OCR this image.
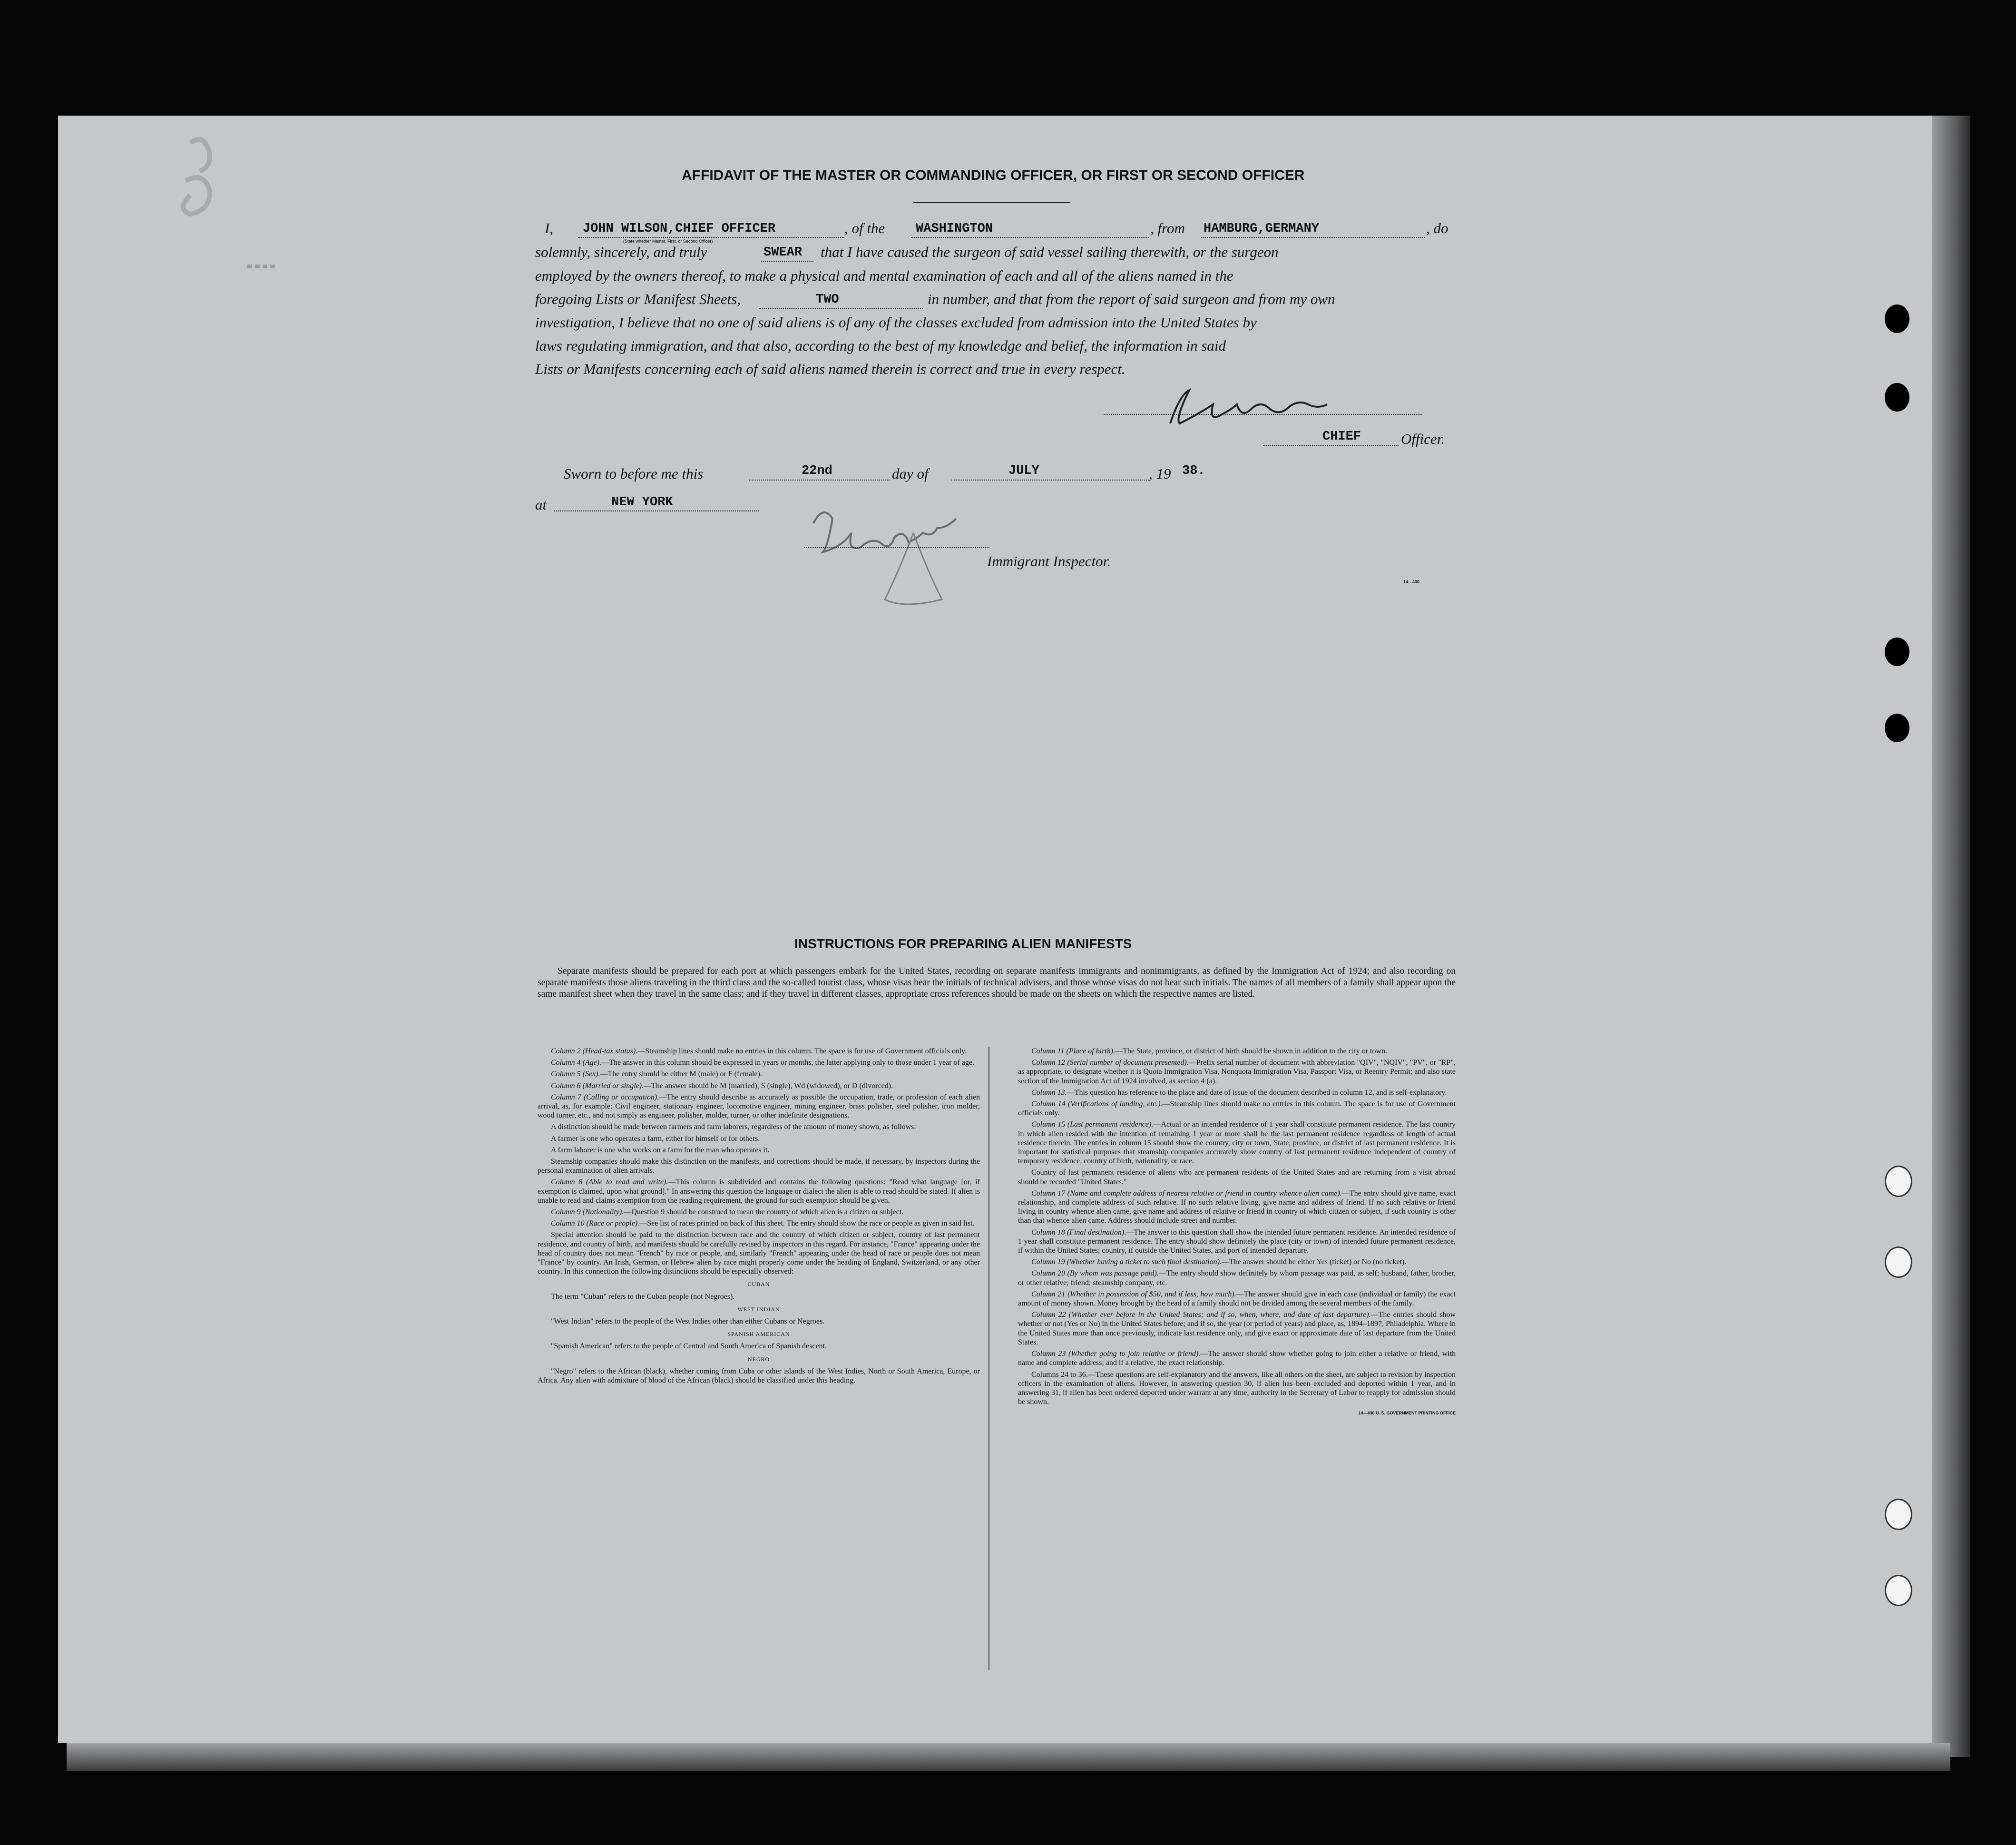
AFFIDAVIT OF THE MASTER OR COMMANDING OFFICER, OR FIRST OR SECOND OFFICER
I, JOHN WILSON,CHIEF OFFICER
(State whether Master, First, or Second Officer)
, of the WASHINGTON	, from HAMBURG,GERMANY	, do
solemnly, sincerely, and truly	SWEAR that I have caused the surgeon of said vessel sailing therewith, or the surgeon
employed by the owners thereof, to make a physical and mental examination of each and all of the aliens named in the
foregoing Lists or Manifest Sheets,	TWO	in number, and that from the report of said surgeon and from my own
investigation, I believe that no one of said aliens is of any of the classes excluded from admission into the United States by
laws regulating immigration, and that also, according to the best of my knowledge and belief, the information in said
Lists or Manifests concerning each of said aliens named therein is correct and true in every respect.
CHIEF	Officer.
Sworn to before me this	22nd	day of	JULY	, 19 38.
at	NEW YORK
Immigrant Inspector.
14—430
INSTRUCTIONS FOR PREPARING ALIEN MANIFESTS
Separate manifests should be prepared for each port at which passengers embark for the United States, recording on separate manifests immigrants and nonimmigrants, as defined by the Immigration Act of 1924; and also recording on separate manifests those aliens traveling in the third class and the so-called tourist class, whose visas bear the initials of technical advisers, and those whose visas do not bear such initials. The names of all members of a family shall appear upon the same manifest sheet when they travel in the same class; and if they travel in different classes, appropriate cross references should be made on the sheets on which the respective names are listed.

Column 2 (Head-tax status).—Steamship lines should make no entries in this column. The space is for use of Government officials only.

Column 4 (Age).—The answer in this column should be expressed in years or months, the latter applying only to those under 1 year of age.

Column 5 (Sex).—The entry should be either M (male) or F (female).

Column 6 (Married or single).—The answer should be M (married), S (single), Wd (widowed), or D (divorced).

Column 7 (Calling or occupation).—The entry should describe as accurately as possible the occupation, trade, or profession of each alien arrival, as, for example: Civil engineer, stationary engineer, locomotive engineer, mining engineer, brass polisher, steel polisher, iron molder, wood turner, etc., and not simply as engineer, polisher, molder, turner, or other indefinite designations.

A distinction should be made between farmers and farm laborers, regardless of the amount of money shown, as follows:

A farmer is one who operates a farm, either for himself or for others.

A farm laborer is one who works on a farm for the man who operates it.

Steamship companies should make this distinction on the manifests, and corrections should be made, if necessary, by inspectors during the personal examination of alien arrivals.

Column 8 (Able to read and write).—This column is subdivided and contains the following questions: "Read what language [or, if exemption is claimed, upon what ground]." In answering this question the language or dialect the alien is able to read should be stated. If alien is unable to read and claims exemption from the reading requirement, the ground for such exemption should be given.

Column 9 (Nationality).—Question 9 should be construed to mean the country of which alien is a citizen or subject.

Column 10 (Race or people).—See list of races printed on back of this sheet. The entry should show the race or people as given in said list.

Special attention should be paid to the distinction between race and the country of which citizen or subject, country of last permanent residence, and country of birth, and manifests should be carefully revised by inspectors in this regard. For instance, "France" appearing under the head of country does not mean "French" by race or people, and, similarly "French" appearing under the head of race or people does not mean "France" by country. An Irish, German, or Hebrew alien by race might properly come under the heading of England, Switzerland, or any other country. In this connection the following distinctions should be especially observed:

CUBAN

The term "Cuban" refers to the Cuban people (not Negroes).

WEST INDIAN

"West Indian" refers to the people of the West Indies other than either Cubans or Negroes.

SPANISH AMERICAN

"Spanish American" refers to the people of Central and South America of Spanish descent.

NEGRO

"Negro" refers to the African (black), whether coming from Cuba or other islands of the West Indies, North or South America, Europe, or Africa. Any alien with admixture of blood of the African (black) should be classified under this heading.

Column 11 (Place of birth).—The State, province, or district of birth should be shown in addition to the city or town.

Column 12 (Serial number of document presented).—Prefix serial number of document with abbreviation "QIV", "NQIV", "PV", or "RP", as appropriate, to designate whether it is Quota Immigration Visa, Nonquota Immigration Visa, Passport Visa, or Reentry Permit; and also state section of the Immigration Act of 1924 involved, as section 4 (a).

Column 13.—This question has reference to the place and date of issue of the document described in column 12, and is self-explanatory.

Column 14 (Verifications of landing, etc.).—Steamship lines should make no entries in this column. The space is for use of Government officials only.

Column 15 (Last permanent residence).—Actual or an intended residence of 1 year shall constitute permanent residence. The last country in which alien resided with the intention of remaining 1 year or more shall be the last permanent residence regardless of length of actual residence therein. The entries in column 15 should show the country, city or town, State, province, or district of last permanent residence. It is important for statistical purposes that steamship companies accurately show country of last permanent residence independent of country of temporary residence, country of birth, nationality, or race.

Country of last permanent residence of aliens who are permanent residents of the United States and are returning from a visit abroad should be recorded "United States."

Column 17 (Name and complete address of nearest relative or friend in country whence alien came).—The entry should give name, exact relationship, and complete address of such relative. If no such relative living, give name and address of friend. If no such relative or friend living in country whence alien came, give name and address of relative or friend in country of which citizen or subject, if such country is other than that whence alien came. Address should include street and number.

Column 18 (Final destination).—The answer to this question shall show the intended future permanent residence. An intended residence of 1 year shall constitute permanent residence. The entry should show definitely the place (city or town) of intended future permanent residence, if within the United States; country, if outside the United States, and port of intended departure.

Column 19 (Whether having a ticket to such final destination).—The answer should be either Yes (ticket) or No (no ticket).

Column 20 (By whom was passage paid).—The entry should show definitely by whom passage was paid, as self; husband, father, brother, or other relative; friend; steamship company, etc.

Column 21 (Whether in possession of $50, and if less, how much).—The answer should give in each case (individual or family) the exact amount of money shown. Money brought by the head of a family should not be divided among the several members of the family.

Column 22 (Whether ever before in the United States; and if so, when, where, and date of last departure).—The entries should show whether or not (Yes or No) in the United States before; and if so, the year (or period of years) and place, as, 1894–1897, Philadelphia. Where in the United States more than once previously, indicate last residence only, and give exact or approximate date of last departure from the United States.

Column 23 (Whether going to join relative or friend).—The answer should show whether going to join either a relative or friend, with name and complete address; and if a relative, the exact relationship.

Columns 24 to 36.—These questions are self-explanatory and the answers, like all others on the sheet, are subject to revision by inspection officers in the examination of aliens. However, in answering question 30, if alien has been excluded and deported within 1 year, and in answering 31, if alien has been ordered deported under warrant at any time, authority in the Secretary of Labor to reapply for admission should be shown.

14—430 U. S. GOVERNMENT PRINTING OFFICE
